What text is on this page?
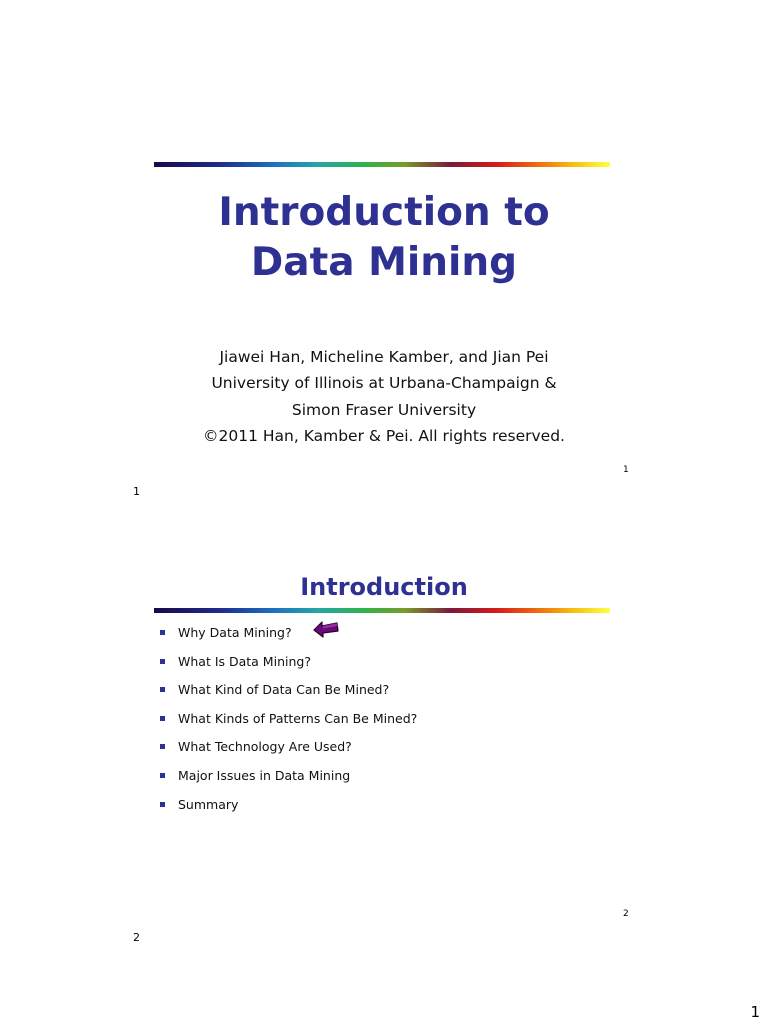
Introduction to
Data Mining
Jiawei Han, Micheline Kamber, and Jian Pei
University of Illinois at Urbana-Champaign &
Simon Fraser University
©2011 Han, Kamber & Pei. All rights reserved.
1
1
Introduction
Why Data Mining?
What Is Data Mining?
What Kind of Data Can Be Mined?
What Kinds of Patterns Can Be Mined?
What Technology Are Used?
Major Issues in Data Mining
Summary
2
2
1
